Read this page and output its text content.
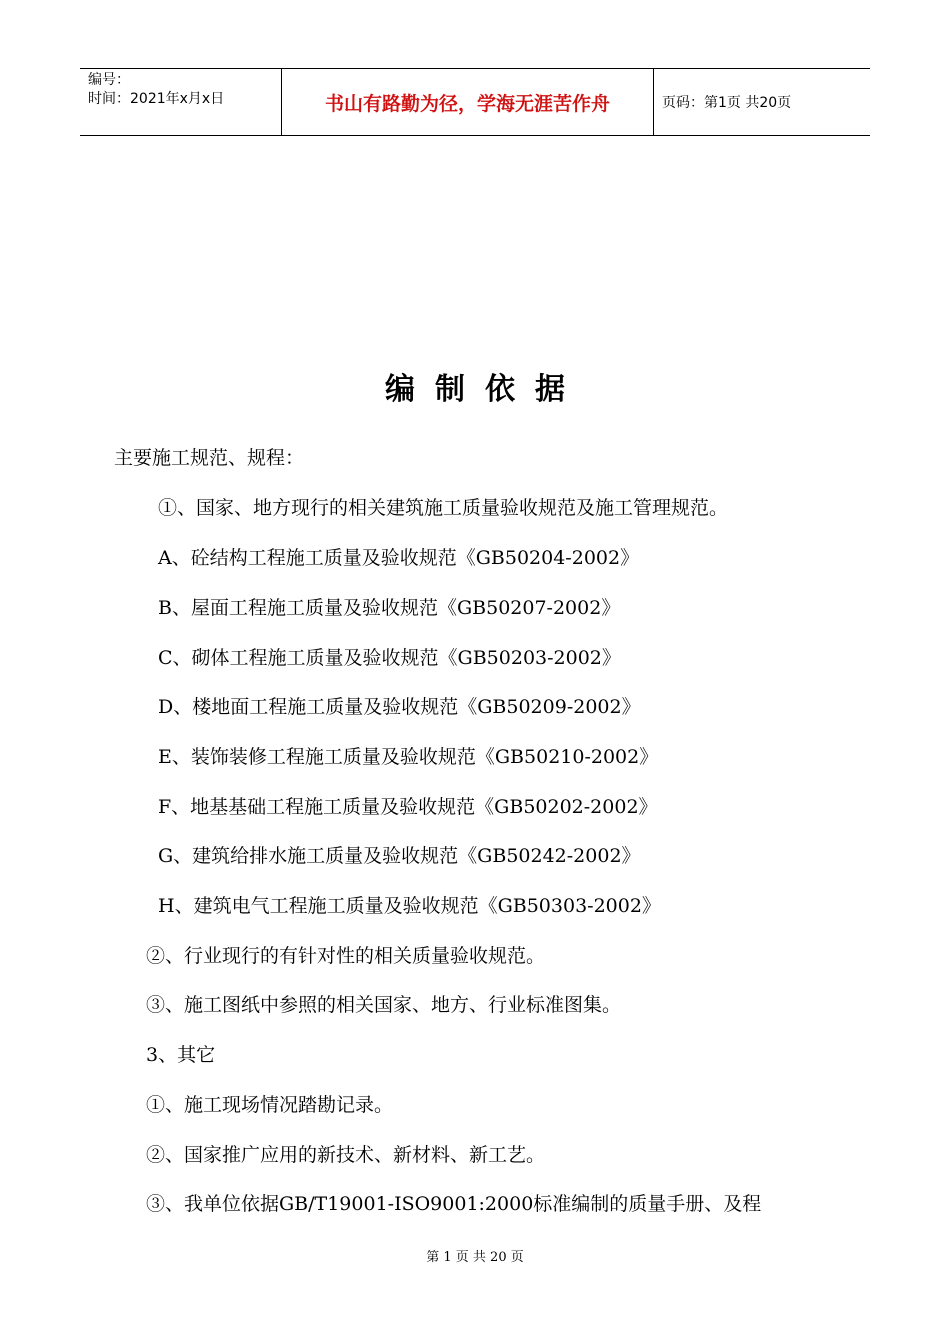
编号：
时间：2021年x月x日	书山有路勤为径，学海无涯苦作舟	页码：第1页 共20页
编制依据
主要施工规范、规程：
①、国家、地方现行的相关建筑施工质量验收规范及施工管理规范。
A、砼结构工程施工质量及验收规范《GB50204-2002》
B、屋面工程施工质量及验收规范《GB50207-2002》
C、砌体工程施工质量及验收规范《GB50203-2002》
D、楼地面工程施工质量及验收规范《GB50209-2002》
E、装饰装修工程施工质量及验收规范《GB50210-2002》
F、地基基础工程施工质量及验收规范《GB50202-2002》
G、建筑给排水施工质量及验收规范《GB50242-2002》
H、建筑电气工程施工质量及验收规范《GB50303-2002》
②、行业现行的有针对性的相关质量验收规范。
③、施工图纸中参照的相关国家、地方、行业标准图集。
3、其它
①、施工现场情况踏勘记录。
②、国家推广应用的新技术、新材料、新工艺。
③、我单位依据GB/T19001-ISO9001:2000标准编制的质量手册、及程
第 1 页 共 20 页
